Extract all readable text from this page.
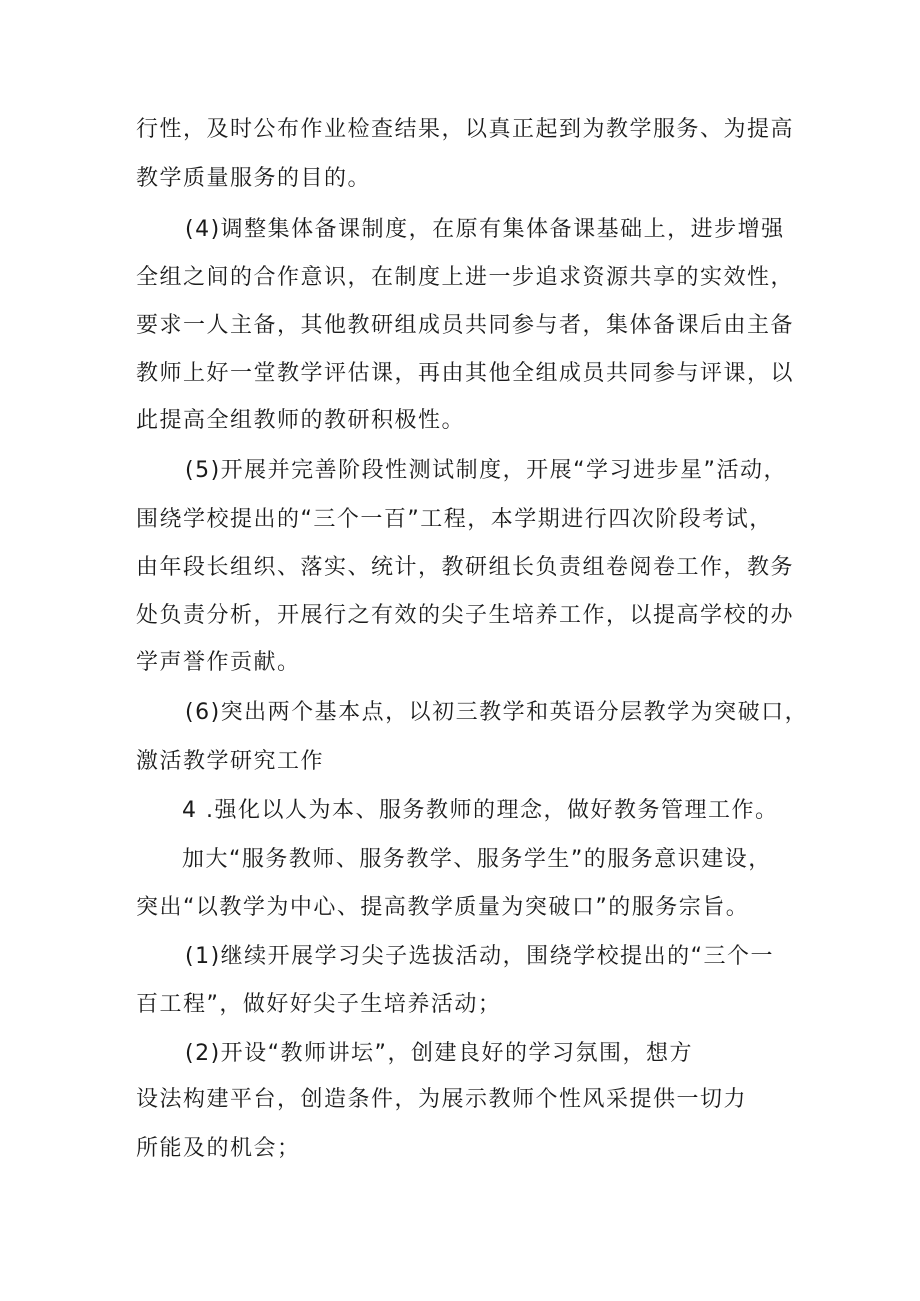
行性，及时公布作业检查结果，以真正起到为教学服务、为提高
教学质量服务的目的。
(4)调整集体备课制度，在原有集体备课基础上，进步增强
全组之间的合作意识，在制度上进一步追求资源共享的实效性，
要求一人主备，其他教研组成员共同参与者，集体备课后由主备
教师上好一堂教学评估课，再由其他全组成员共同参与评课，以
此提高全组教师的教研积极性。
(5)开展并完善阶段性测试制度，开展“学习进步星”活动，
围绕学校提出的“三个一百”工程，本学期进行四次阶段考试，
由年段长组织、落实、统计，教研组长负责组卷阅卷工作，教务
处负责分析，开展行之有效的尖子生培养工作，以提高学校的办
学声誉作贡献。
(6)突出两个基本点，以初三教学和英语分层教学为突破口，
激活教学研究工作
4 .强化以人为本、服务教师的理念，做好教务管理工作。
加大“服务教师、服务教学、服务学生”的服务意识建设，
突出“以教学为中心、提高教学质量为突破口”的服务宗旨。
(1)继续开展学习尖子选拔活动，围绕学校提出的“三个一
百工程”，做好好尖子生培养活动；
(2)开设“教师讲坛”，创建良好的学习氛围，想方
设法构建平台，创造条件，为展示教师个性风采提供一切力
所能及的机会；
